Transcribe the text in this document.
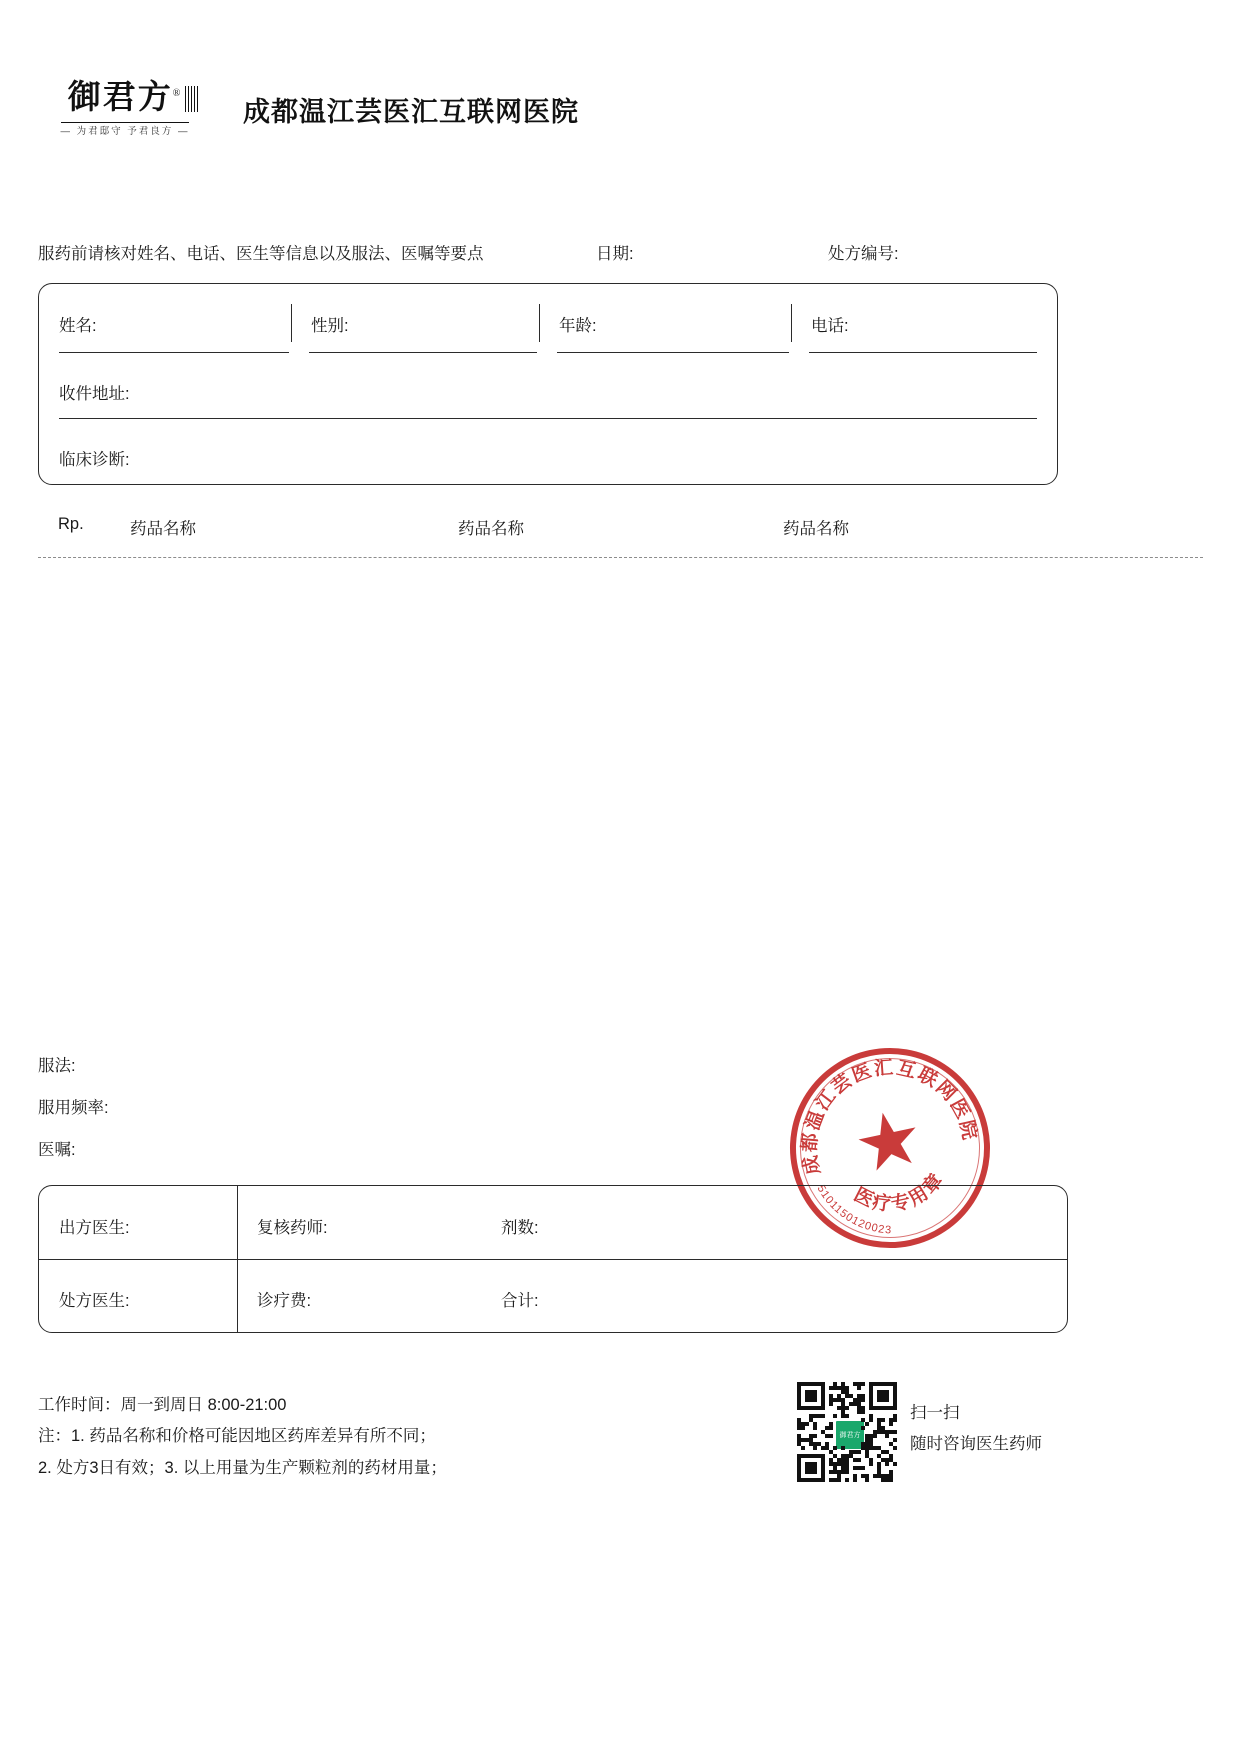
御君方®
— 为君邸守 予君良方 —
成都温江芸医汇互联网医院
服药前请核对姓名、电话、医生等信息以及服法、医嘱等要点	日期:	处方编号:
姓名:	性别:	年龄:	电话:
收件地址:
临床诊断:
Rp.	药品名称	药品名称	药品名称
服法:
服用频率:
医嘱:
成都温江芸医汇互联网医院
医疗专用章
★
5101150120023
出方医生:	复核药师:	剂数:
处方医生:	诊疗费:	合计:
工作时间：周一到周日 8:00-21:00
注：1. 药品名称和价格可能因地区药库差异有所不同；
2. 处方3日有效；3. 以上用量为生产颗粒剂的药材用量；
御君方
扫一扫
随时咨询医生药师
